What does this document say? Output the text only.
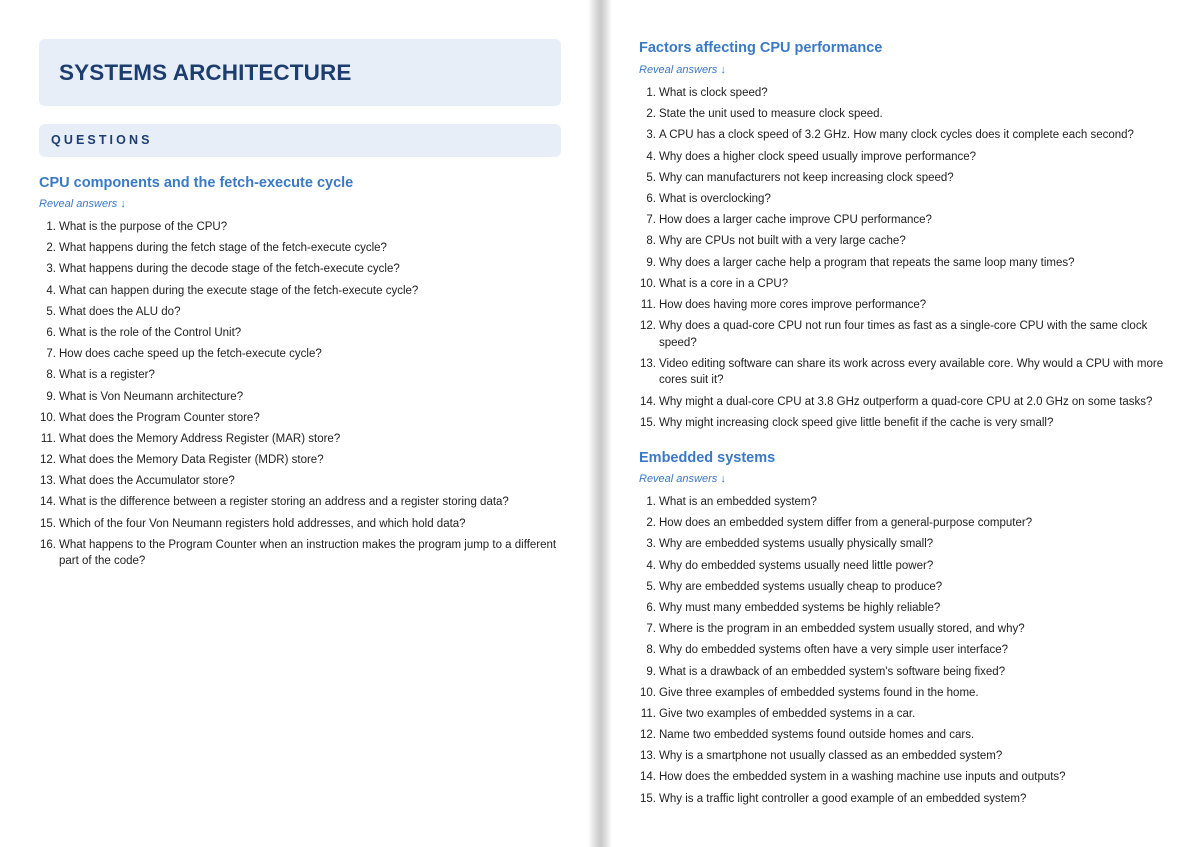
SYSTEMS ARCHITECTURE
QUESTIONS
CPU components and the fetch-execute cycle
Reveal answers ↓
1. What is the purpose of the CPU?
2. What happens during the fetch stage of the fetch-execute cycle?
3. What happens during the decode stage of the fetch-execute cycle?
4. What can happen during the execute stage of the fetch-execute cycle?
5. What does the ALU do?
6. What is the role of the Control Unit?
7. How does cache speed up the fetch-execute cycle?
8. What is a register?
9. What is Von Neumann architecture?
10. What does the Program Counter store?
11. What does the Memory Address Register (MAR) store?
12. What does the Memory Data Register (MDR) store?
13. What does the Accumulator store?
14. What is the difference between a register storing an address and a register storing data?
15. Which of the four Von Neumann registers hold addresses, and which hold data?
16. What happens to the Program Counter when an instruction makes the program jump to a different part of the code?
Factors affecting CPU performance
Reveal answers ↓
1. What is clock speed?
2. State the unit used to measure clock speed.
3. A CPU has a clock speed of 3.2 GHz. How many clock cycles does it complete each second?
4. Why does a higher clock speed usually improve performance?
5. Why can manufacturers not keep increasing clock speed?
6. What is overclocking?
7. How does a larger cache improve CPU performance?
8. Why are CPUs not built with a very large cache?
9. Why does a larger cache help a program that repeats the same loop many times?
10. What is a core in a CPU?
11. How does having more cores improve performance?
12. Why does a quad-core CPU not run four times as fast as a single-core CPU with the same clock speed?
13. Video editing software can share its work across every available core. Why would a CPU with more cores suit it?
14. Why might a dual-core CPU at 3.8 GHz outperform a quad-core CPU at 2.0 GHz on some tasks?
15. Why might increasing clock speed give little benefit if the cache is very small?
Embedded systems
Reveal answers ↓
1. What is an embedded system?
2. How does an embedded system differ from a general-purpose computer?
3. Why are embedded systems usually physically small?
4. Why do embedded systems usually need little power?
5. Why are embedded systems usually cheap to produce?
6. Why must many embedded systems be highly reliable?
7. Where is the program in an embedded system usually stored, and why?
8. Why do embedded systems often have a very simple user interface?
9. What is a drawback of an embedded system's software being fixed?
10. Give three examples of embedded systems found in the home.
11. Give two examples of embedded systems in a car.
12. Name two embedded systems found outside homes and cars.
13. Why is a smartphone not usually classed as an embedded system?
14. How does the embedded system in a washing machine use inputs and outputs?
15. Why is a traffic light controller a good example of an embedded system?
